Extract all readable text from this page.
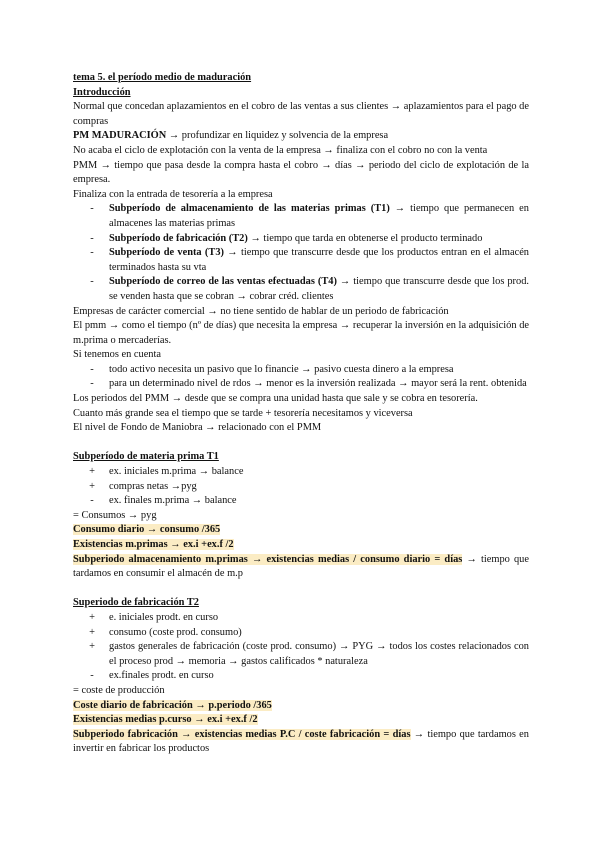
tema 5. el período medio de maduración
Introducción

Normal que concedan aplazamientos en el cobro de las ventas a sus clientes → aplazamientos para el pago de compras

PM MADURACIÓN → profundizar en liquidez y solvencia de la empresa

No acaba el ciclo de explotación con la venta de la empresa → finaliza con el cobro no con la venta

PMM → tiempo que pasa desde la compra hasta el cobro → días → periodo del ciclo de explotación de la empresa.

Finaliza con la entrada de tesorería a la empresa

-	Subperíodo de almacenamiento de las materias primas (T1) → tiempo que permanecen en almacenes las materias primas
-	Subperíodo de fabricación (T2) → tiempo que tarda en obtenerse el producto terminado
-	Subperíodo de venta (T3) → tiempo que transcurre desde que los productos entran en el almacén terminados hasta su vta
-	Subperíodo de correo de las ventas efectuadas (T4) → tiempo que transcurre desde que los prod. se venden hasta que se cobran → cobrar créd. clientes

Empresas de carácter comercial → no tiene sentido de hablar de un periodo de fabricación

El pmm → como el tiempo (nº de días) que necesita la empresa → recuperar la inversión en la adquisición de m.prima o mercaderías.

Si tenemos en cuenta

-	todo activo necesita un pasivo que lo financie → pasivo cuesta dinero a la empresa
-	para un determinado nivel de rdos → menor es la inversión realizada → mayor será la rent. obtenida

Los periodos del PMM → desde que se compra una unidad hasta que sale y se cobra en tesorería.

Cuanto más grande sea el tiempo que se tarde + tesorería necesitamos y viceversa

El nivel de Fondo de Maniobra → relacionado con el PMM

Subperíodo de materia prima T1
+ ex. iniciales m.prima → balance
+ compras netas →pyg
-	ex. finales m.prima → balance

= Consumos → pyg

Consumo diario → consumo /365

Existencias m.primas → ex.i +ex.f /2

Subperiodo almacenamiento m.primas → existencias medias / consumo diario = días → tiempo que tardamos en consumir el almacén de m.p

Superiodo de fabricación T2
+ e. iniciales prodt. en curso
+ consumo (coste prod. consumo)
+ gastos generales de fabricación (coste prod. consumo) → PYG → todos los costes relacionados con el proceso prod → memoria → gastos calificados * naturaleza
-	ex.finales prodt. en curso

= coste de producción

Coste diario de fabricación → p.periodo /365

Existencias medias p.curso → ex.i +ex.f /2

Subperiodo fabricación → existencias medias P.C / coste fabricación = días → tiempo que tardamos en invertir en fabricar los productos
